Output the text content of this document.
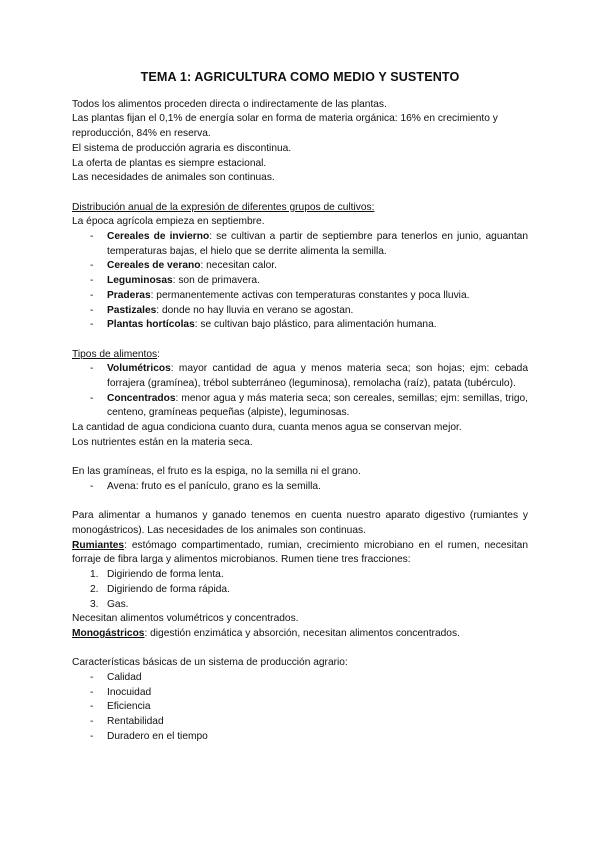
TEMA 1: AGRICULTURA COMO MEDIO Y SUSTENTO

Todos los alimentos proceden directa o indirectamente de las plantas.

Las plantas fijan el 0,1% de energía solar en forma de materia orgánica: 16% en crecimiento y reproducción, 84% en reserva.

El sistema de producción agraria es discontinua.

La oferta de plantas es siempre estacional.

Las necesidades de animales son continuas.

Distribución anual de la expresión de diferentes grupos de cultivos:

La época agrícola empieza en septiembre.

- Cereales de invierno: se cultivan a partir de septiembre para tenerlos en junio, aguantan temperaturas bajas, el hielo que se derrite alimenta la semilla.
- Cereales de verano: necesitan calor.
- Leguminosas: son de primavera.
- Praderas: permanentemente activas con temperaturas constantes y poca lluvia.
- Pastizales: donde no hay lluvia en verano se agostan.
- Plantas hortícolas: se cultivan bajo plástico, para alimentación humana.

Tipos de alimentos:

- Volumétricos: mayor cantidad de agua y menos materia seca; son hojas; ejm: cebada forrajera (gramínea), trébol subterráneo (leguminosa), remolacha (raíz), patata (tubérculo).
- Concentrados: menor agua y más materia seca; son cereales, semillas; ejm: semillas, trigo, centeno, gramíneas pequeñas (alpiste), leguminosas.

La cantidad de agua condiciona cuanto dura, cuanta menos agua se conservan mejor.

Los nutrientes están en la materia seca.

En las gramíneas, el fruto es la espiga, no la semilla ni el grano.

- Avena: fruto es el panículo, grano es la semilla.

Para alimentar a humanos y ganado tenemos en cuenta nuestro aparato digestivo (rumiantes y monogástricos). Las necesidades de los animales son continuas.

Rumiantes: estómago compartimentado, rumian, crecimiento microbiano en el rumen, necesitan forraje de fibra larga y alimentos microbianos. Rumen tiene tres fracciones:

1. Digiriendo de forma lenta.
2. Digiriendo de forma rápida.
3. Gas.

Necesitan alimentos volumétricos y concentrados.

Monogástricos: digestión enzimática y absorción, necesitan alimentos concentrados.

Características básicas de un sistema de producción agrario:

- Calidad
- Inocuidad
- Eficiencia
- Rentabilidad
- Duradero en el tiempo
